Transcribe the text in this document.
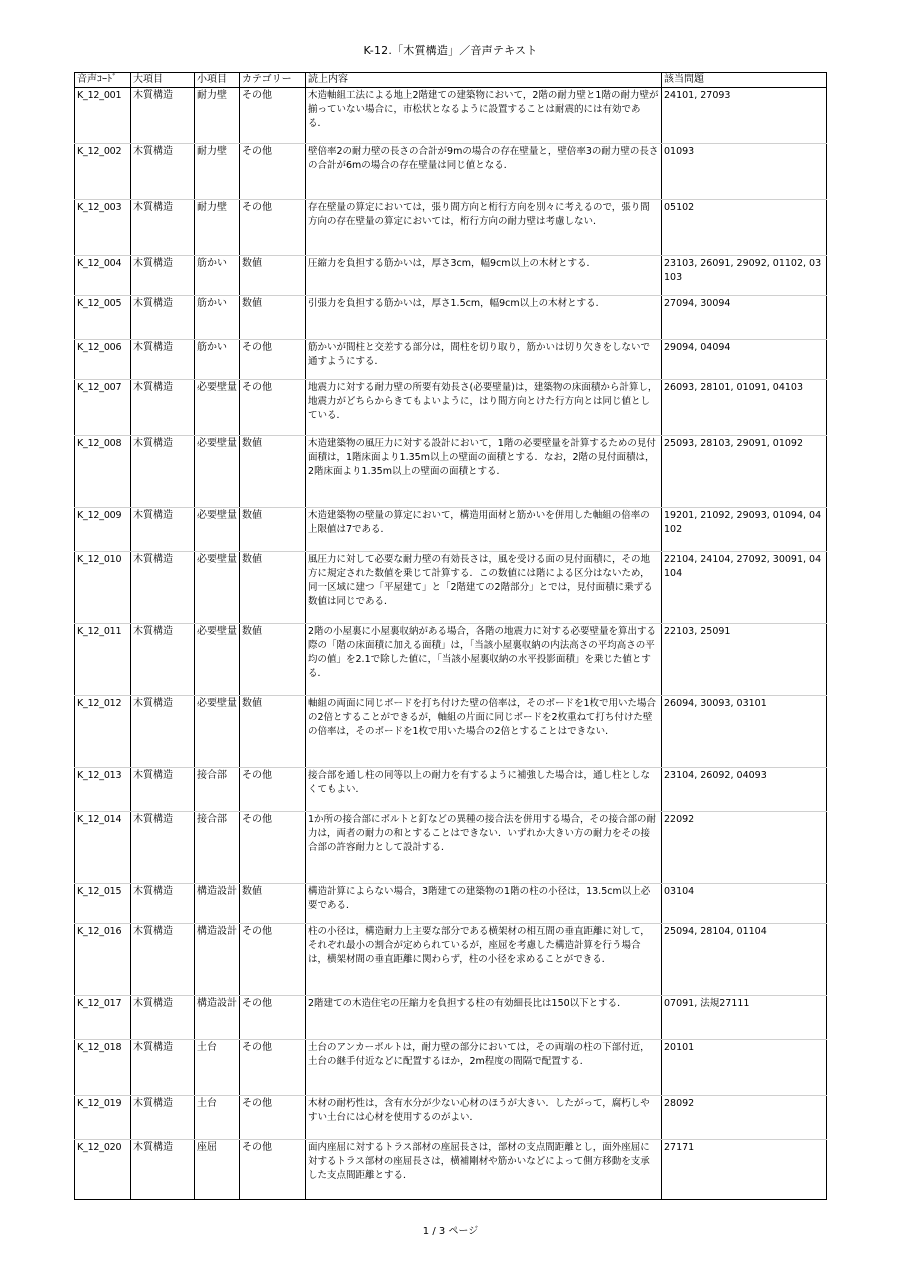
K-12.「木質構造」／音声テキスト
音声ｺｰﾄﾞ	大項目	小項目	カテゴリー	読上内容	該当問題
K_12_001	木質構造	耐力壁	その他	木造軸組工法による地上2階建ての建築物において，2階の耐力壁と1階の耐力壁が揃っていない場合に，市松状となるように設置することは耐震的には有効である．	24101, 27093
K_12_002	木質構造	耐力壁	その他	壁倍率2の耐力壁の長さの合計が9mの場合の存在壁量と，壁倍率3の耐力壁の長さの合計が6mの場合の存在壁量は同じ値となる．	01093
K_12_003	木質構造	耐力壁	その他	存在壁量の算定においては，張り間方向と桁行方向を別々に考えるので，張り間方向の存在壁量の算定においては，桁行方向の耐力壁は考慮しない．	05102
K_12_004	木質構造	筋かい	数値	圧縮力を負担する筋かいは，厚さ3cm，幅9cm以上の木材とする．	23103, 26091, 29092, 01102, 03103
K_12_005	木質構造	筋かい	数値	引張力を負担する筋かいは，厚さ1.5cm，幅9cm以上の木材とする．	27094, 30094
K_12_006	木質構造	筋かい	その他	筋かいが間柱と交差する部分は，間柱を切り取り，筋かいは切り欠きをしないで通すようにする．	29094, 04094
K_12_007	木質構造	必要壁量	その他	地震力に対する耐力壁の所要有効長さ(必要壁量)は，建築物の床面積から計算し，地震力がどちらからきてもよいように，はり間方向とけた行方向とは同じ値としている．	26093, 28101, 01091, 04103
K_12_008	木質構造	必要壁量	数値	木造建築物の風圧力に対する設計において，1階の必要壁量を計算するための見付面積は，1階床面より1.35m以上の壁面の面積とする．なお，2階の見付面積は，2階床面より1.35m以上の壁面の面積とする．	25093, 28103, 29091, 01092
K_12_009	木質構造	必要壁量	数値	木造建築物の壁量の算定において，構造用面材と筋かいを併用した軸組の倍率の上限値は7である．	19201, 21092, 29093, 01094, 04102
K_12_010	木質構造	必要壁量	数値	風圧力に対して必要な耐力壁の有効長さは，風を受ける面の見付面積に，その地方に規定された数値を乗じて計算する．この数値には階による区分はないため，同一区域に建つ「平屋建て」と「2階建ての2階部分」とでは，見付面積に乗ずる数値は同じである．	22104, 24104, 27092, 30091, 04104
K_12_011	木質構造	必要壁量	数値	2階の小屋裏に小屋裏収納がある場合，各階の地震力に対する必要壁量を算出する際の「階の床面積に加える面積」は，「当該小屋裏収納の内法高さの平均高さの平均の値」を2.1で除した値に，「当該小屋裏収納の水平投影面積」を乗じた値とする．	22103, 25091
K_12_012	木質構造	必要壁量	数値	軸組の両面に同じボードを打ち付けた壁の倍率は，そのボードを1枚で用いた場合の2倍とすることができるが，軸組の片面に同じボードを2枚重ねて打ち付けた壁の倍率は，そのボードを1枚で用いた場合の2倍とすることはできない．	26094, 30093, 03101
K_12_013	木質構造	接合部	その他	接合部を通し柱の同等以上の耐力を有するように補強した場合は，通し柱としなくてもよい．	23104, 26092, 04093
K_12_014	木質構造	接合部	その他	1か所の接合部にボルトと釘などの異種の接合法を併用する場合，その接合部の耐力は，両者の耐力の和とすることはできない．いずれか大きい方の耐力をその接合部の許容耐力として設計する．	22092
K_12_015	木質構造	構造設計	数値	構造計算によらない場合，3階建ての建築物の1階の柱の小径は，13.5cm以上必要である．	03104
K_12_016	木質構造	構造設計	その他	柱の小径は，構造耐力上主要な部分である横架材の相互間の垂直距離に対して，それぞれ最小の割合が定められているが，座屈を考慮した構造計算を行う場合は，横架材間の垂直距離に関わらず，柱の小径を求めることができる．	25094, 28104, 01104
K_12_017	木質構造	構造設計	その他	2階建ての木造住宅の圧縮力を負担する柱の有効細長比は150以下とする．	07091, 法規27111
K_12_018	木質構造	土台	その他	土台のアンカーボルトは，耐力壁の部分においては，その両端の柱の下部付近，土台の継手付近などに配置するほか，2m程度の間隔で配置する．	20101
K_12_019	木質構造	土台	その他	木材の耐朽性は，含有水分が少ない心材のほうが大きい．したがって，腐朽しやすい土台には心材を使用するのがよい．	28092
K_12_020	木質構造	座屈	その他	面内座屈に対するトラス部材の座屈長さは，部材の支点間距離とし，面外座屈に対するトラス部材の座屈長さは，横補剛材や筋かいなどによって側方移動を支承した支点間距離とする．	27171
1 / 3 ページ
